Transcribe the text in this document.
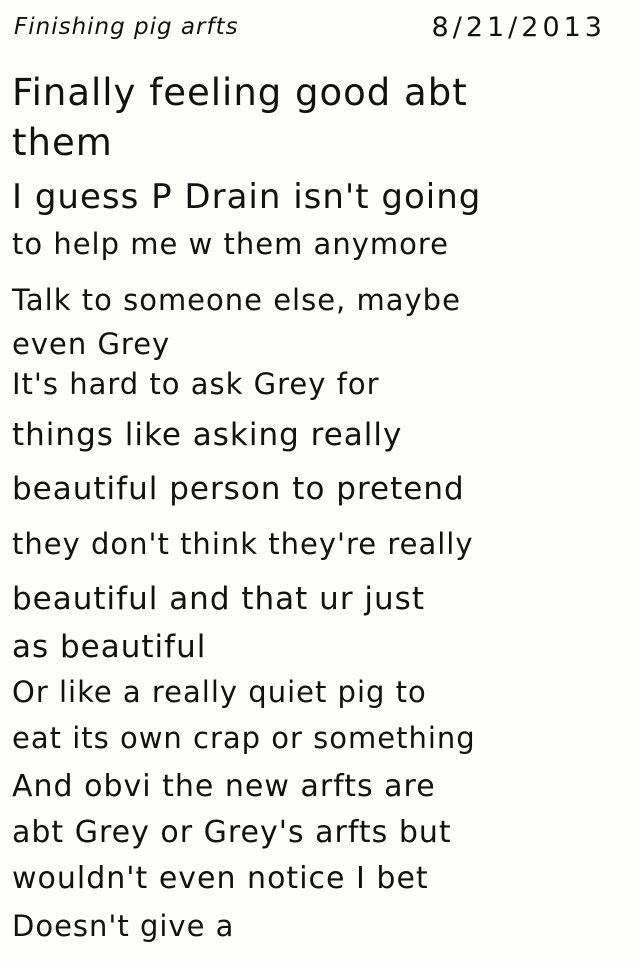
Finishing pig arfts	8/21/2013
Finally feeling good abt
them
I guess P Drain isn't going
to help me w them anymore
Talk to someone else, maybe
even Grey
It's hard to ask Grey for
things like asking really
beautiful person to pretend
they don't think they're really
beautiful and that ur just
as beautiful
Or like a really quiet pig to
eat its own crap or something
And obvi the new arfts are
abt Grey or Grey's arfts but
wouldn't even notice I bet
Doesn't give a
